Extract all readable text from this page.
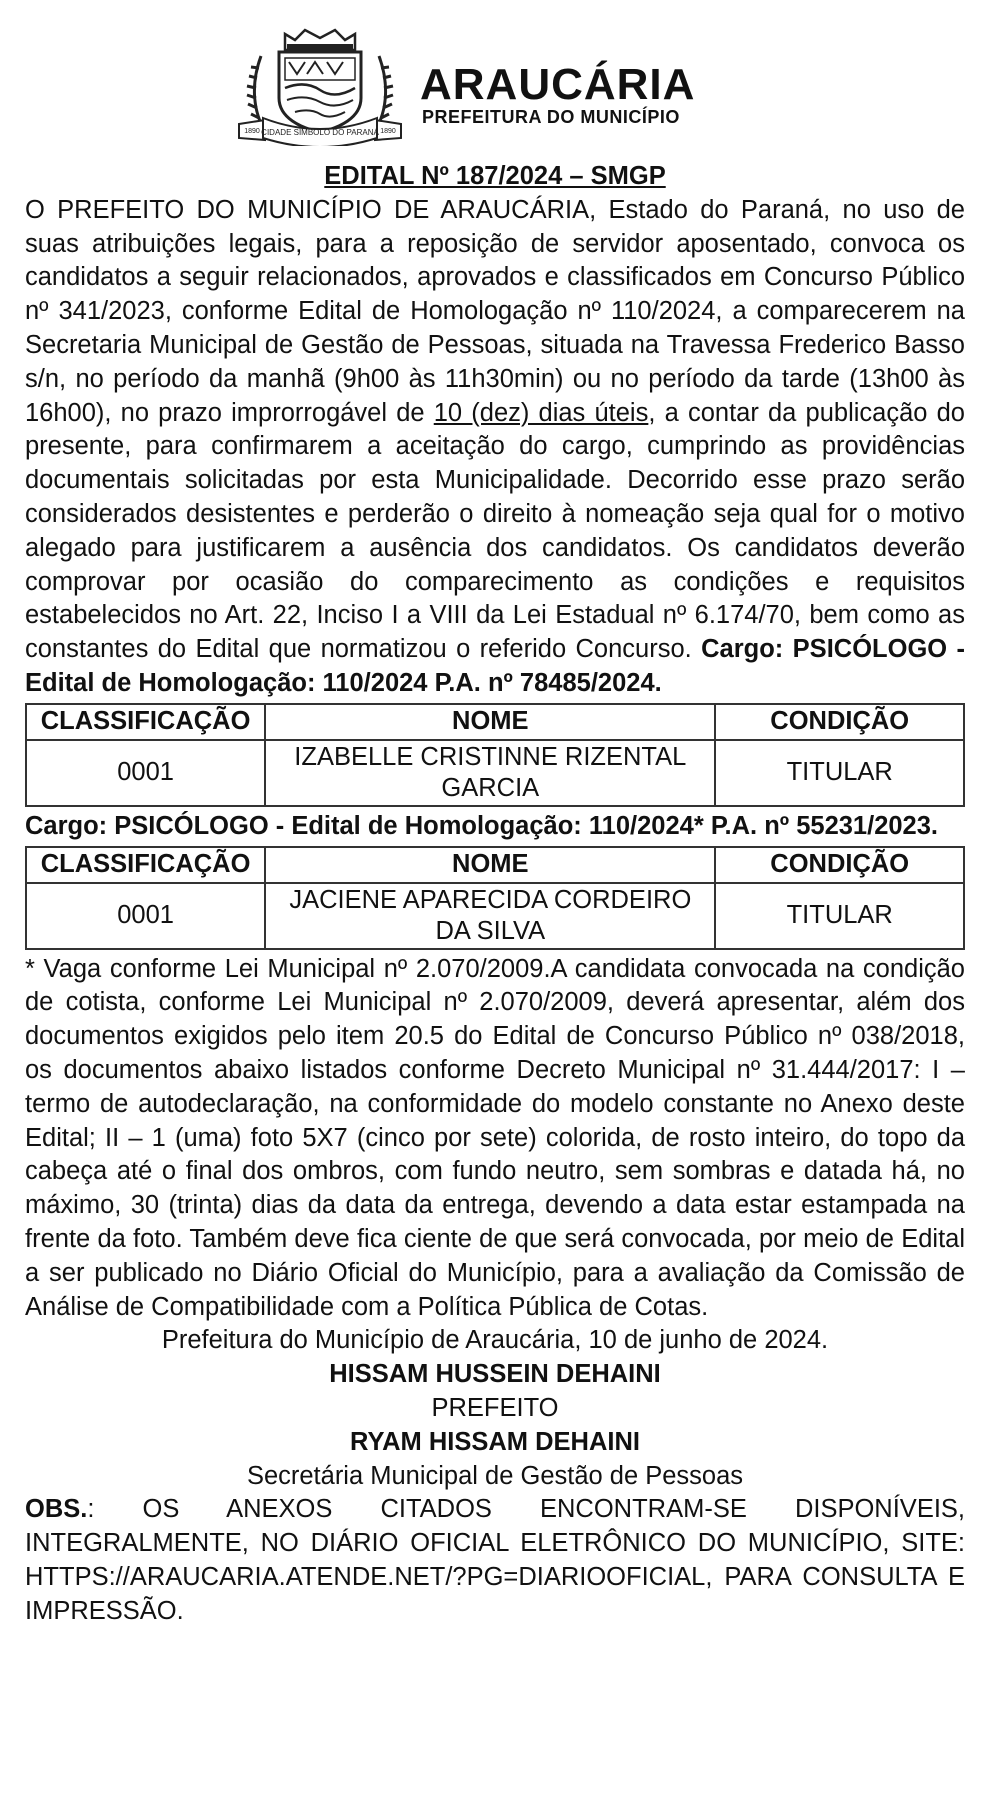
CIDADE SÍMBOLO DO PARANÁ
1890	1890
ARAUCÁRIA
PREFEITURA DO MUNICÍPIO
EDITAL Nº 187/2024 – SMGP

O PREFEITO DO MUNICÍPIO DE ARAUCÁRIA, Estado do Paraná, no uso de suas atribuições legais, para a reposição de servidor aposentado, convoca os candidatos a seguir relacionados, aprovados e classificados em Concurso Público nº 341/2023, conforme Edital de Homologação nº 110/2024, a comparecerem na Secretaria Municipal de Gestão de Pessoas, situada na Travessa Frederico Basso s/n, no período da manhã (9h00 às 11h30min) ou no período da tarde (13h00 às 16h00), no prazo improrrogável de 10 (dez) dias úteis, a contar da publicação do presente, para confirmarem a aceitação do cargo, cumprindo as providências documentais solicitadas por esta Municipalidade. Decorrido esse prazo serão considerados desistentes e perderão o direito à nomeação seja qual for o motivo alegado para justificarem a ausência dos candidatos. Os candidatos deverão comprovar por ocasião do comparecimento as condições e requisitos estabelecidos no Art. 22, Inciso I a VIII da Lei Estadual nº 6.174/70, bem como as constantes do Edital que normatizou o referido Concurso. Cargo: PSICÓLOGO - Edital de Homologação: 110/2024 P.A. nº 78485/2024.

CLASSIFICAÇÃO	NOME	CONDIÇÃO
0001	IZABELLE CRISTINNE RIZENTAL GARCIA	TITULAR

Cargo: PSICÓLOGO - Edital de Homologação: 110/2024* P.A. nº 55231/2023.

CLASSIFICAÇÃO	NOME	CONDIÇÃO
0001	JACIENE APARECIDA CORDEIRO DA SILVA	TITULAR

* Vaga conforme Lei Municipal nº 2.070/2009.A candidata convocada na condição de cotista, conforme Lei Municipal nº 2.070/2009, deverá apresentar, além dos documentos exigidos pelo item 20.5 do Edital de Concurso Público nº 038/2018, os documentos abaixo listados conforme Decreto Municipal nº 31.444/2017: I – termo de autodeclaração, na conformidade do modelo constante no Anexo deste Edital; II – 1 (uma) foto 5X7 (cinco por sete) colorida, de rosto inteiro, do topo da cabeça até o final dos ombros, com fundo neutro, sem sombras e datada há, no máximo, 30 (trinta) dias da data da entrega, devendo a data estar estampada na frente da foto. Também deve fica ciente de que será convocada, por meio de Edital a ser publicado no Diário Oficial do Município, para a avaliação da Comissão de Análise de Compatibilidade com a Política Pública de Cotas.

Prefeitura do Município de Araucária, 10 de junho de 2024.
HISSAM HUSSEIN DEHAINI
PREFEITO
RYAM HISSAM DEHAINI
Secretária Municipal de Gestão de Pessoas

OBS.: OS ANEXOS CITADOS ENCONTRAM-SE DISPONÍVEIS, INTEGRALMENTE, NO DIÁRIO OFICIAL ELETRÔNICO DO MUNICÍPIO, SITE: HTTPS://ARAUCARIA.ATENDE.NET/?PG=DIARIOOFICIAL, PARA CONSULTA E IMPRESSÃO.
